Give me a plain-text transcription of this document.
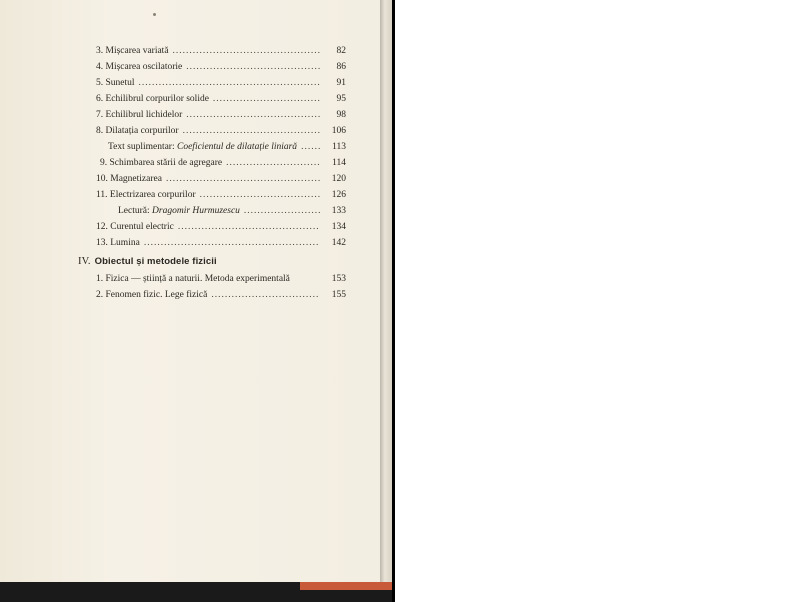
3. Mișcarea variată .....	82
4. Mișcarea oscilatorie .....	86
5. Sunetul .....	91
6. Echilibrul corpurilor solide .....	95
7. Echilibrul lichidelor .....	98
8. Dilatația corpurilor .....	106
Text suplimentar: Coeficientul de dilatație liniară .....	113
9. Schimbarea stării de agregare .....	114
10. Magnetizarea .....	120
11. Electrizarea corpurilor .....	126
Lectură: Dragomir Hurmuzescu .....	133
12. Curentul electric .....	134
13. Lumina .....	142
IV. Obiectul și metodele fizicii
1. Fizica — știință a naturii. Metoda experimentală	153
2. Fenomen fizic. Lege fizică .....	155
